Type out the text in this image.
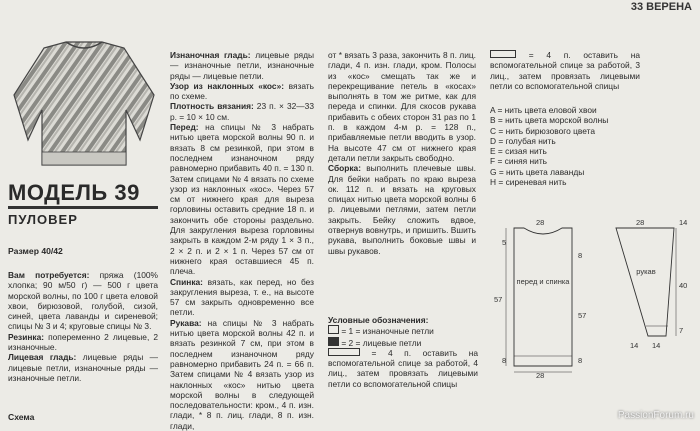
33 ВЕРЕНА
МОДЕЛЬ 39
ПУЛОВЕР
Размер 40/42

Вам потребуется: пряжа (100% хлопка; 90 м/50 г) — 500 г цвета морской волны, по 100 г цвета еловой хвои, бирюзовой, голубой, сизой, синей, цвета лаванды и сиреневой; спицы № 3 и 4; круговые спицы № 3.

Резинка: попеременно 2 лицевые, 2 изнаночные.

Лицевая гладь: лицевые ряды — лицевые петли, изнаночные ряды — изнаночные петли.

Схема

Изнаночная гладь: лицевые ряды — изнаночные петли, изнаночные ряды — лицевые петли.

Узор из наклонных «кос»: вязать по схеме.

Плотность вязания: 23 п. × 32—33 р. = 10 × 10 см.

Перед: на спицы № 3 набрать нитью цвета морской волны 90 п. и вязать 8 см резинкой, при этом в последнем изнаночном ряду равномерно прибавить 40 п. = 130 п. Затем спицами № 4 вязать по схеме узор из наклонных «кос». Через 57 см от нижнего края для выреза горловины оставить средние 18 п. и закончить обе стороны раздельно. Для закругления выреза горловины закрыть в каждом 2-м ряду 1 × 3 п., 2 × 2 п. и 2 × 1 п. Через 57 см от нижнего края оставшиеся 45 п. плеча.

Спинка: вязать, как перед, но без закругления выреза, т. е., на высоте 57 см закрыть одновременно все петли.

Рукава: на спицы № 3 набрать нитью цвета морской волны 42 п. и вязать резинкой 7 см, при этом в последнем изнаночном ряду равномерно прибавить 24 п. = 66 п. Затем спицами № 4 вязать узор из наклонных «кос» нитью цвета морской волны в следующей последовательности: кром., 4 п. изн. глади, * 8 п. лиц. глади, 8 п. изн. глади,

от * вязать 3 раза, закончить 8 п. лиц. глади, 4 п. изн. глади, кром. Полосы из «кос» смещать так же и перекрещивание петель в «косах» выполнять в том же ритме, как для переда и спинки. Для скосов рукава прибавить с обеих сторон 31 раз по 1 п. в каждом 4-м р. = 128 п., прибавляемые петли вводить в узор. На высоте 47 см от нижнего края детали петли закрыть свободно.

Сборка: выполнить плечевые швы. Для бейки набрать по краю выреза ок. 112 п. и вязать на круговых спицах нитью цвета морской волны 6 р. лицевыми петлями, затем петли закрыть. Бейку сложить вдвое, отвернув вовнутрь, и пришить. Вшить рукава, выполнить боковые швы и швы рукавов.

Условные обозначения:

= 1 = изнаночные петли

= 2 = лицевые петли

= 4 п. оставить на вспомогательной спице за работой, 4 лиц., затем провязать лицевыми петли со вспомогательной спицы

= 4 п. оставить на вспомогательной спице за работой, 3 лиц., затем провязать лицевыми петли со вспомогательной спицы

A = нить цвета еловой хвои

B = нить цвета морской волны

C = нить бирюзового цвета

D = голубая нить

E = сизая нить

F = синяя нить

G = нить цвета лаванды

H = сиреневая нить

перед и спинка
28
28
8
57
8
57
8
5
рукав
28	14
40
14 14
7
PassionForum.ru
